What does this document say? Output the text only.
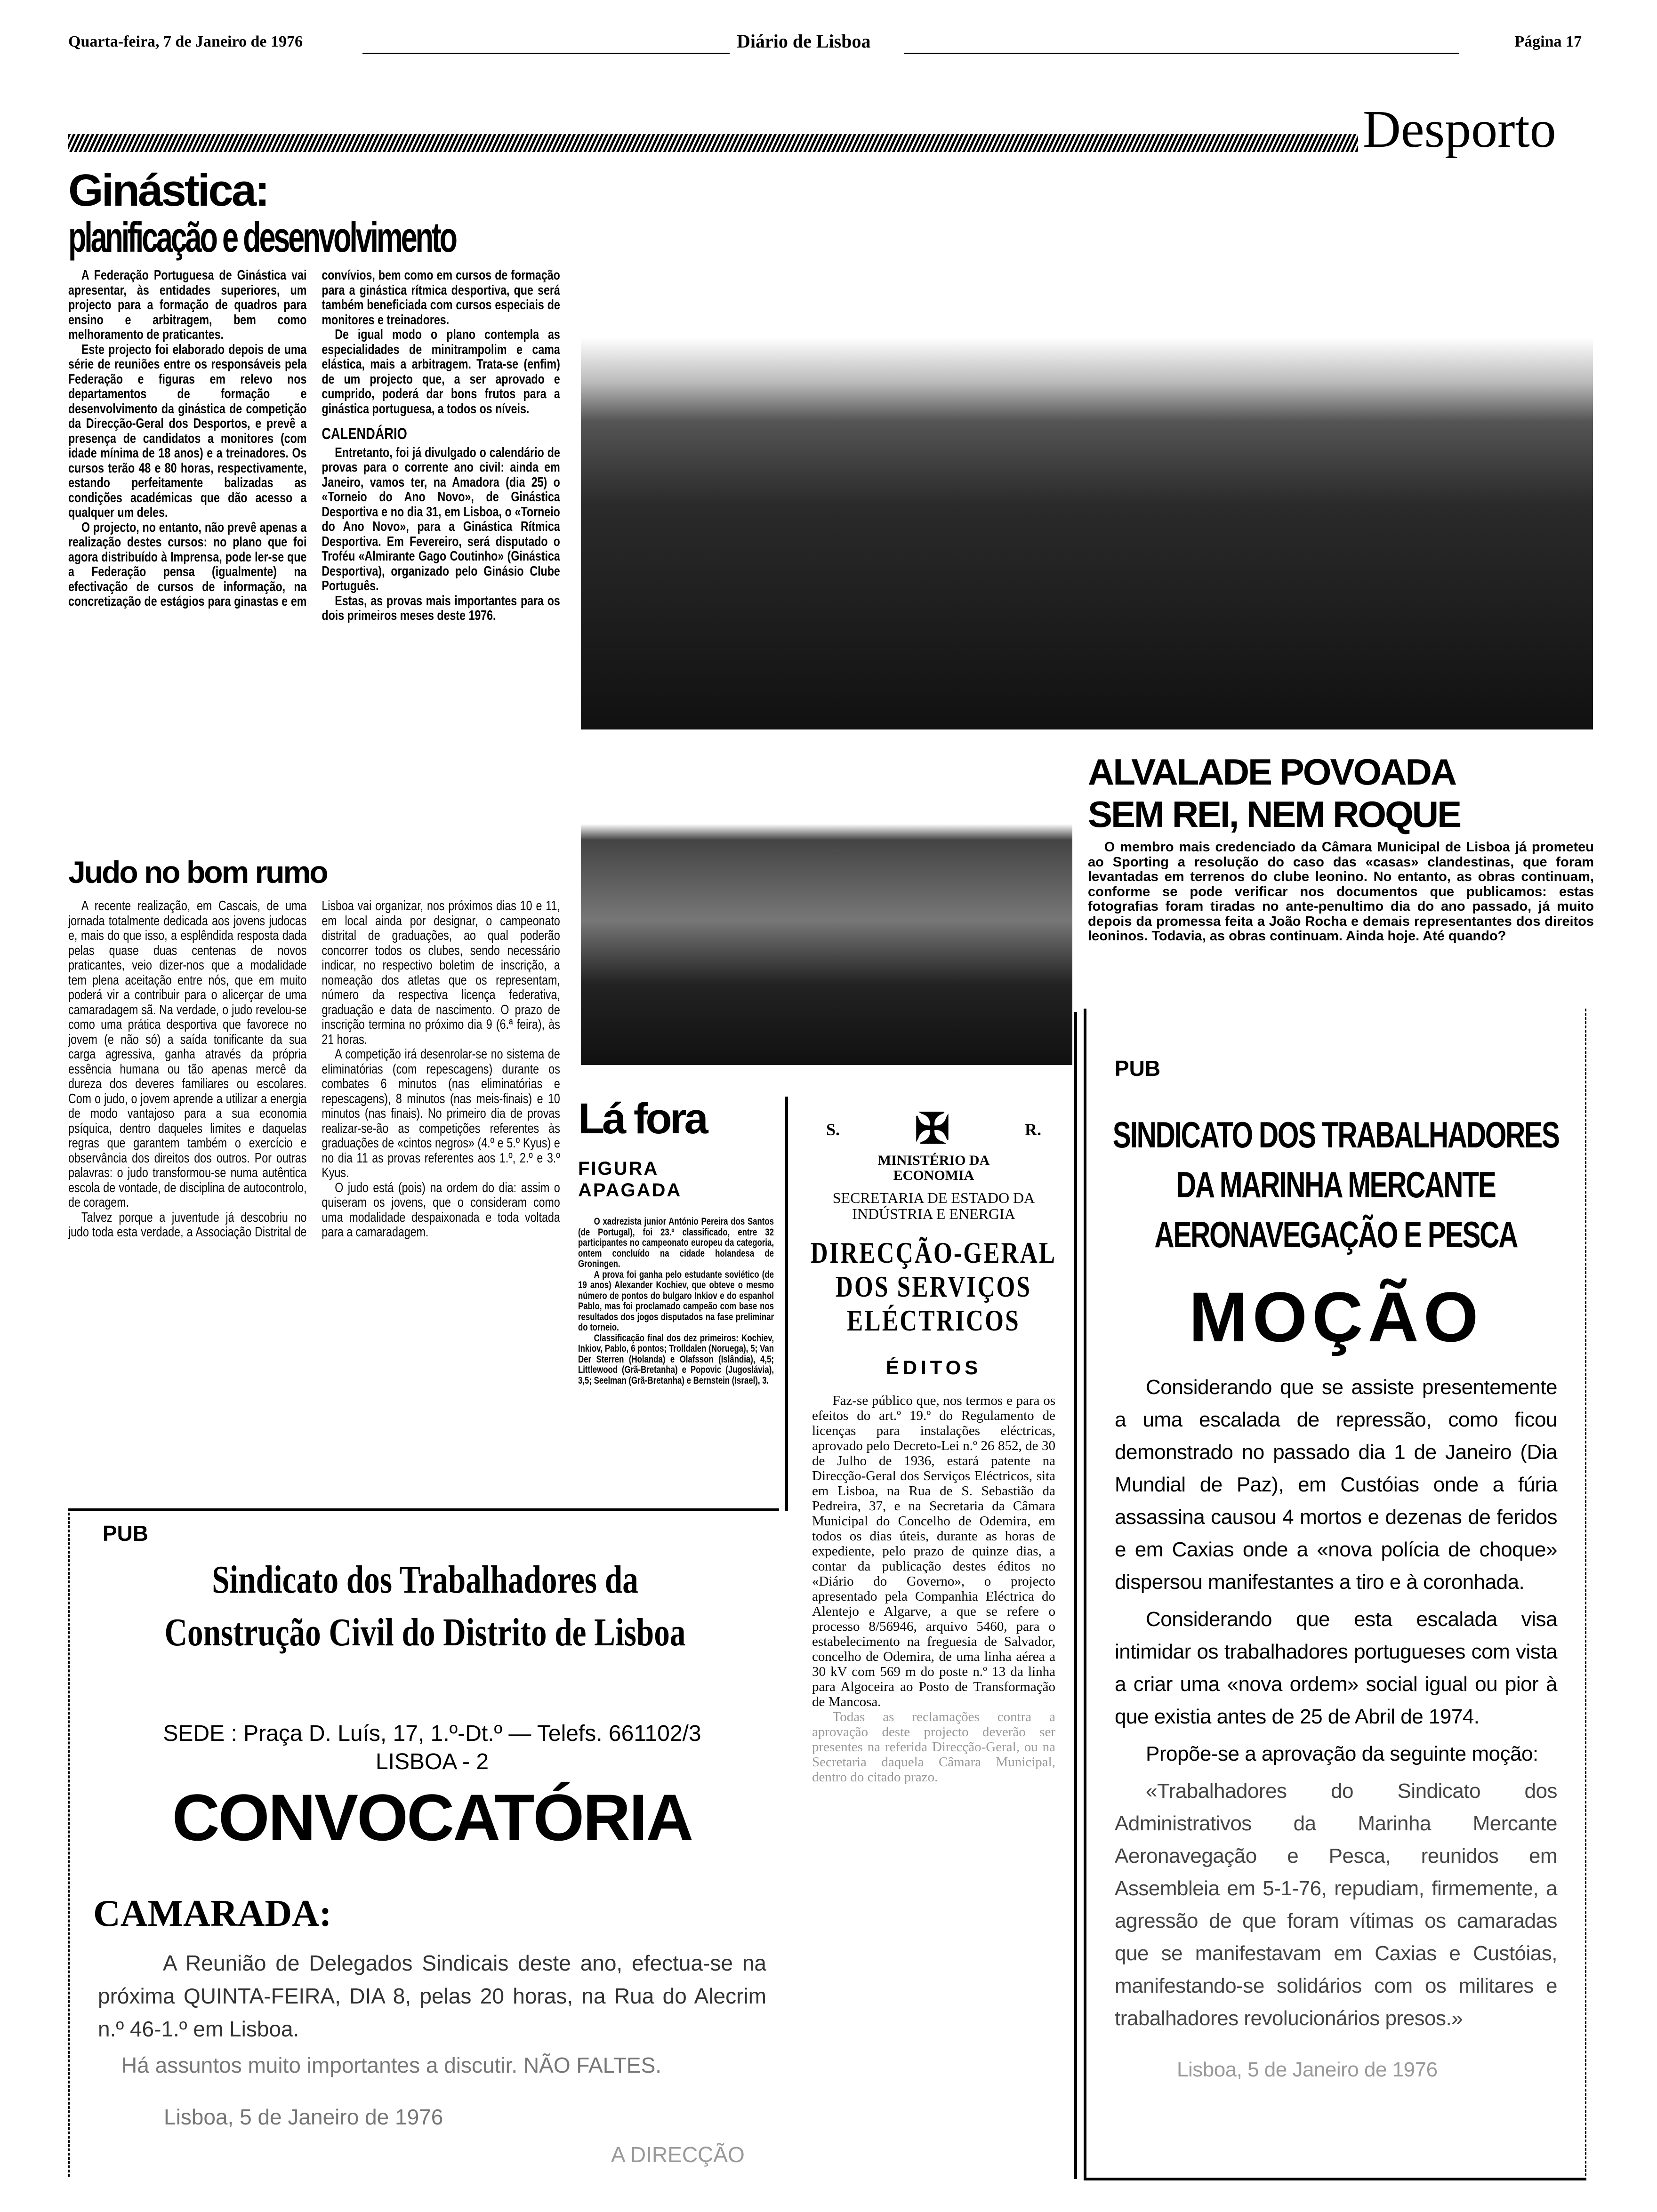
Quarta-feira, 7 de Janeiro de 1976	Diário de Lisboa	Página 17
Desporto
Ginástica:
planificação e desenvolvimento

A Federação Portuguesa de Ginástica vai apresentar, às entidades superiores, um projecto para a formação de quadros para ensino e arbitragem, bem como melhoramento de praticantes.

Este projecto foi elaborado depois de uma série de reuniões entre os responsáveis pela Federação e figuras em relevo nos departamentos de formação e desenvolvimento da ginástica de competição da Direcção-Geral dos Desportos, e prevê a presença de candidatos a monitores (com idade mínima de 18 anos) e a treinadores. Os cursos terão 48 e 80 horas, respectivamente, estando perfeitamente balizadas as condições académicas que dão acesso a qualquer um deles.

O projecto, no entanto, não prevê apenas a realização destes cursos: no plano que foi agora distribuído à Imprensa, pode ler-se que a Federação pensa (igualmente) na efectivação de cursos de informação, na concretização de estágios para ginastas e em convívios, bem como em cursos de formação para a ginástica rítmica desportiva, que será também beneficiada com cursos especiais de monitores e treinadores.

De igual modo o plano contempla as especialidades de minitrampolim e cama elástica, mais a arbitragem. Trata-se (enfim) de um projecto que, a ser aprovado e cumprido, poderá dar bons frutos para a ginástica portuguesa, a todos os níveis.

CALENDÁRIO

Entretanto, foi já divulgado o calendário de provas para o corrente ano civil: ainda em Janeiro, vamos ter, na Amadora (dia 25) o «Torneio do Ano Novo», de Ginástica Desportiva e no dia 31, em Lisboa, o «Torneio do Ano Novo», para a Ginástica Rítmica Desportiva. Em Fevereiro, será disputado o Troféu «Almirante Gago Coutinho» (Ginástica Desportiva), organizado pelo Ginásio Clube Português.

Estas, as provas mais importantes para os dois primeiros meses deste 1976.

ALVALADE POVOADA
SEM REI, NEM ROQUE
O membro mais credenciado da Câmara Municipal de Lisboa já prometeu ao Sporting a resolução do caso das «casas» clandestinas, que foram levantadas em terrenos do clube leonino. No entanto, as obras continuam, conforme se pode verificar nos documentos que publicamos: estas fotografias foram tiradas no ante-penultimo dia do ano passado, já muito depois da promessa feita a João Rocha e demais representantes dos direitos leoninos. Todavia, as obras continuam. Ainda hoje. Até quando?
Judo no bom rumo

A recente realização, em Cascais, de uma jornada totalmente dedicada aos jovens judocas e, mais do que isso, a esplêndida resposta dada pelas quase duas centenas de novos praticantes, veio dizer-nos que a modalidade tem plena aceitação entre nós, que em muito poderá vir a contribuir para o alicerçar de uma camaradagem sã. Na verdade, o judo revelou-se como uma prática desportiva que favorece no jovem (e não só) a saída tonificante da sua carga agressiva, ganha através da própria essência humana ou tão apenas mercê da dureza dos deveres familiares ou escolares. Com o judo, o jovem aprende a utilizar a energia de modo vantajoso para a sua economia psíquica, dentro daqueles limites e daquelas regras que garantem também o exercício e observância dos direitos dos outros. Por outras palavras: o judo transformou-se numa autêntica escola de vontade, de disciplina de autocontrolo, de coragem.

Talvez porque a juventude já descobriu no judo toda esta verdade, a Associação Distrital de Lisboa vai organizar, nos próximos dias 10 e 11, em local ainda por designar, o campeonato distrital de graduações, ao qual poderão concorrer todos os clubes, sendo necessário indicar, no respectivo boletim de inscrição, a nomeação dos atletas que os representam, número da respectiva licença federativa, graduação e data de nascimento. O prazo de inscrição termina no próximo dia 9 (6.ª feira), às 21 horas.

A competição irá desenrolar-se no sistema de eliminatórias (com repescagens) durante os combates 6 minutos (nas eliminatórias e repescagens), 8 minutos (nas meis-finais) e 10 minutos (nas finais). No primeiro dia de provas realizar-se-ão as competições referentes às graduações de «cintos negros» (4.º e 5.º Kyus) e no dia 11 as provas referentes aos 1.º, 2.º e 3.º Kyus.

O judo está (pois) na ordem do dia: assim o quiseram os jovens, que o consideram como uma modalidade despaixonada e toda voltada para a camaradagem.

Lá fora
FIGURA
APAGADA

O xadrezista junior António Pereira dos Santos (de Portugal), foi 23.º classificado, entre 32 participantes no campeonato europeu da categoria, ontem concluído na cidade holandesa de Groningen.

A prova foi ganha pelo estudante soviético (de 19 anos) Alexander Kochiev, que obteve o mesmo número de pontos do bulgaro Inkiov e do espanhol Pablo, mas foi proclamado campeão com base nos resultados dos jogos disputados na fase preliminar do torneio.

Classificação final dos dez primeiros: Kochiev, Inkiov, Pablo, 6 pontos; Trolldalen (Noruega), 5; Van Der Sterren (Holanda) e Olafsson (Islândia), 4,5; Littlewood (Grã-Bretanha) e Popovic (Jugoslávia), 3,5; Seelman (Grã-Bretanha) e Bernstein (Israel), 3.

S. ✠	R.
MINISTÉRIO DA ECONOMIA
SECRETARIA DE ESTADO DA INDÚSTRIA E ENERGIA
DIRECÇÃO-GERAL DOS SERVIÇOS ELÉCTRICOS
ÉDITOS

Faz-se público que, nos termos e para os efeitos do art.º 19.º do Regulamento de licenças para instalações eléctricas, aprovado pelo Decreto-Lei n.º 26 852, de 30 de Julho de 1936, estará patente na Direcção-Geral dos Serviços Eléctricos, sita em Lisboa, na Rua de S. Sebastião da Pedreira, 37, e na Secretaria da Câmara Municipal do Concelho de Odemira, em todos os dias úteis, durante as horas de expediente, pelo prazo de quinze dias, a contar da publicação destes éditos no «Diário do Governo», o projecto apresentado pela Companhia Eléctrica do Alentejo e Algarve, a que se refere o processo 8/56946, arquivo 5460, para o estabelecimento na freguesia de Salvador, concelho de Odemira, de uma linha aérea a 30 kV com 569 m do poste n.º 13 da linha para Algoceira ao Posto de Transformação de Mancosa.

Todas as reclamações contra a aprovação deste projecto deverão ser presentes na referida Direcção-Geral, ou na Secretaria daquela Câmara Municipal, dentro do citado prazo.

PUB
Sindicato dos Trabalhadores da Construção Civil do Distrito de Lisboa
SEDE : Praça D. Luís, 17, 1.º-Dt.º — Telefs. 661102/3
LISBOA - 2
CONVOCATÓRIA
CAMARADA:
A Reunião de Delegados Sindicais deste ano, efectua-se na próxima QUINTA-FEIRA, DIA 8, pelas 20 horas, na Rua do Alecrim n.º 46-1.º em Lisboa.
Há assuntos muito importantes a discutir. NÃO FALTES.
Lisboa, 5 de Janeiro de 1976
A DIRECÇÃO
PUB
SINDICATO DOS TRABALHADORES DA MARINHA MERCANTE AERONAVEGAÇÃO E PESCA
MOÇÃO

Considerando que se assiste presentemente a uma escalada de repressão, como ficou demonstrado no passado dia 1 de Janeiro (Dia Mundial de Paz), em Custóias onde a fúria assassina causou 4 mortos e dezenas de feridos e em Caxias onde a «nova polícia de choque» dispersou manifestantes a tiro e à coronhada.

Considerando que esta escalada visa intimidar os trabalhadores portugueses com vista a criar uma «nova ordem» social igual ou pior à que existia antes de 25 de Abril de 1974.

Propõe-se a aprovação da seguinte moção:

«Trabalhadores do Sindicato dos Administrativos da Marinha Mercante Aeronavegação e Pesca, reunidos em Assembleia em 5-1-76, repudiam, firmemente, a agressão de que foram vítimas os camaradas que se manifestavam em Caxias e Custóias, manifestando-se solidários com os militares e trabalhadores revolucionários presos.»

Lisboa, 5 de Janeiro de 1976
